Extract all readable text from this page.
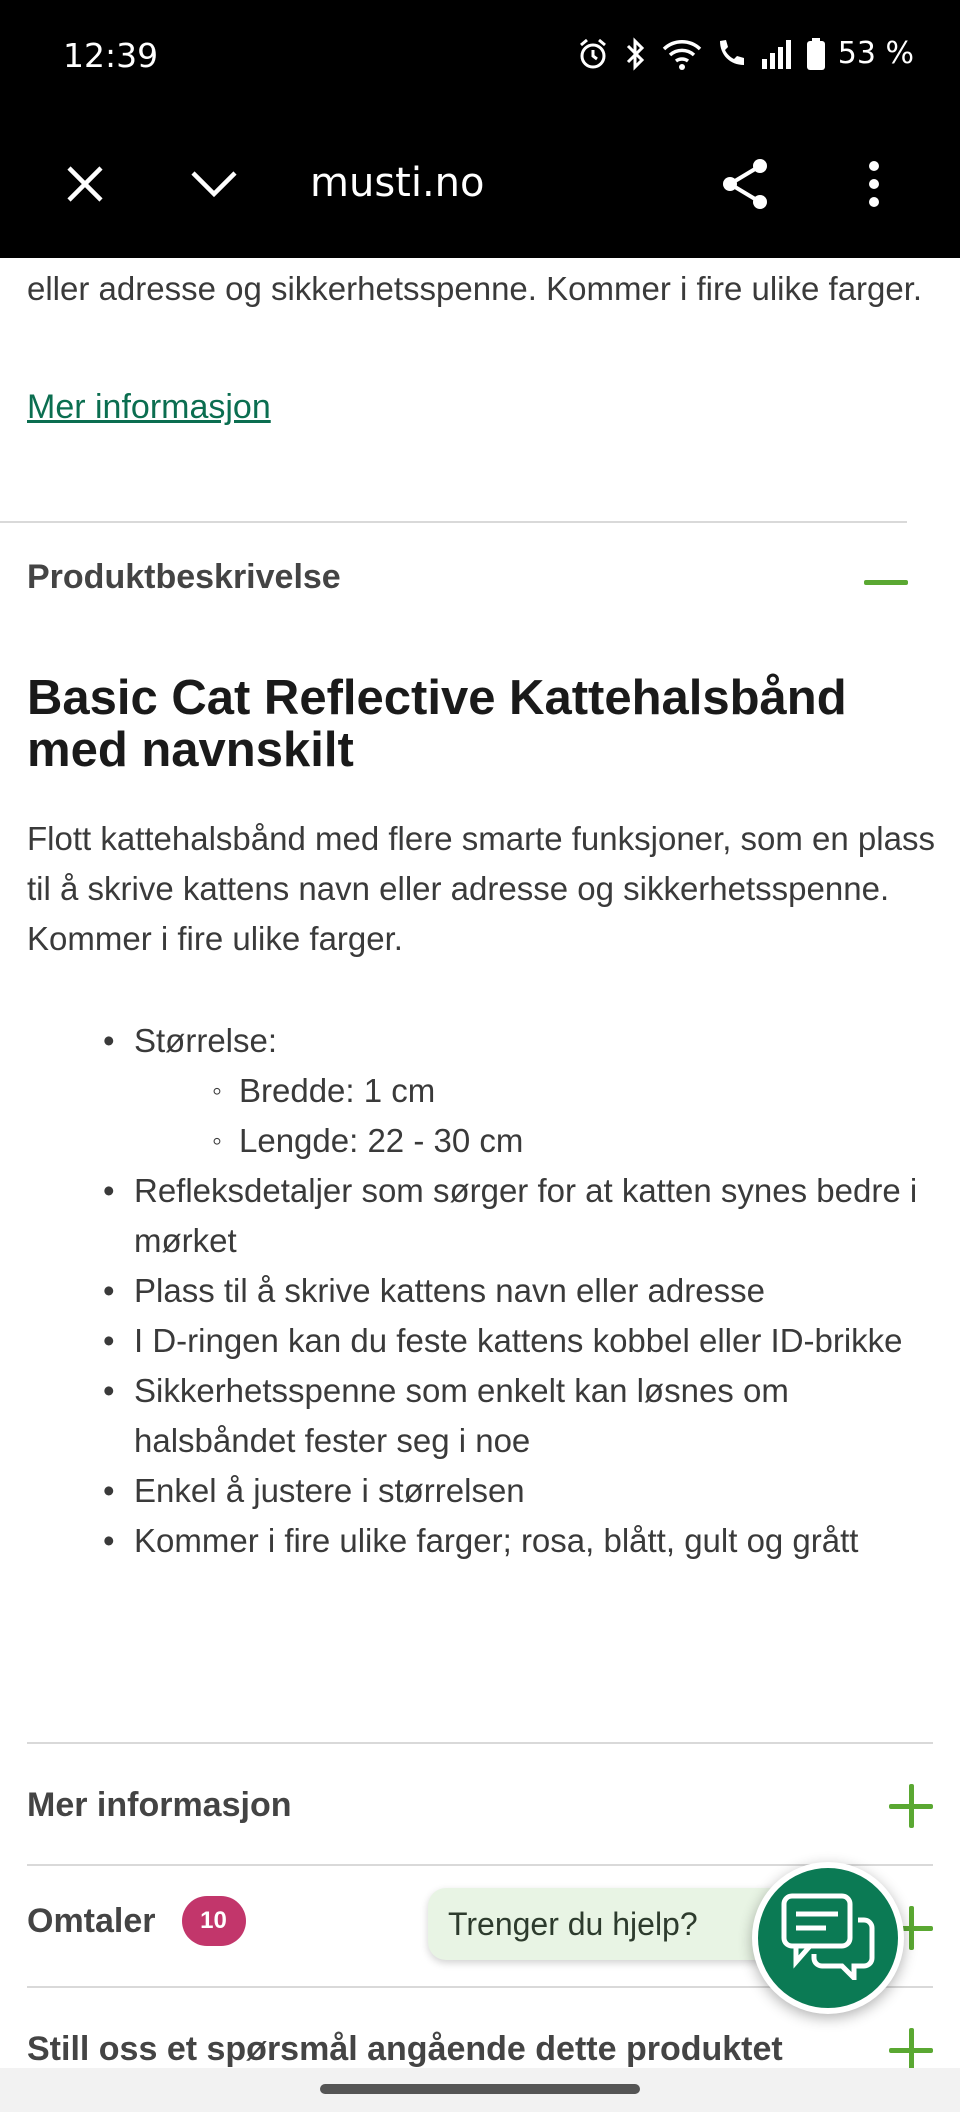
12:39	53 %
musti.no

eller adresse og sikkerhetsspenne. Kommer i fire ulike farger.

Mer informasjon
Produktbeskrivelse
Basic Cat Reflective Kattehalsbånd med navnskilt

Flott kattehalsbånd med flere smarte funksjoner, som en plass til å skrive kattens navn eller adresse og sikkerhetsspenne. Kommer i fire ulike farger.

• Størrelse:
◦ Bredde: 1 cm
◦ Lengde: 22 - 30 cm
• Refleksdetaljer som sørger for at katten synes bedre i mørket
• Plass til å skrive kattens navn eller adresse
• I D-ringen kan du feste kattens kobbel eller ID-brikke
• Sikkerhetsspenne som enkelt kan løsnes om halsbåndet fester seg i noe
• Enkel å justere i størrelsen
• Kommer i fire ulike farger; rosa, blått, gult og grått
Mer informasjon
Omtaler	10
Still oss et spørsmål angående dette produktet
Trenger du hjelp?
